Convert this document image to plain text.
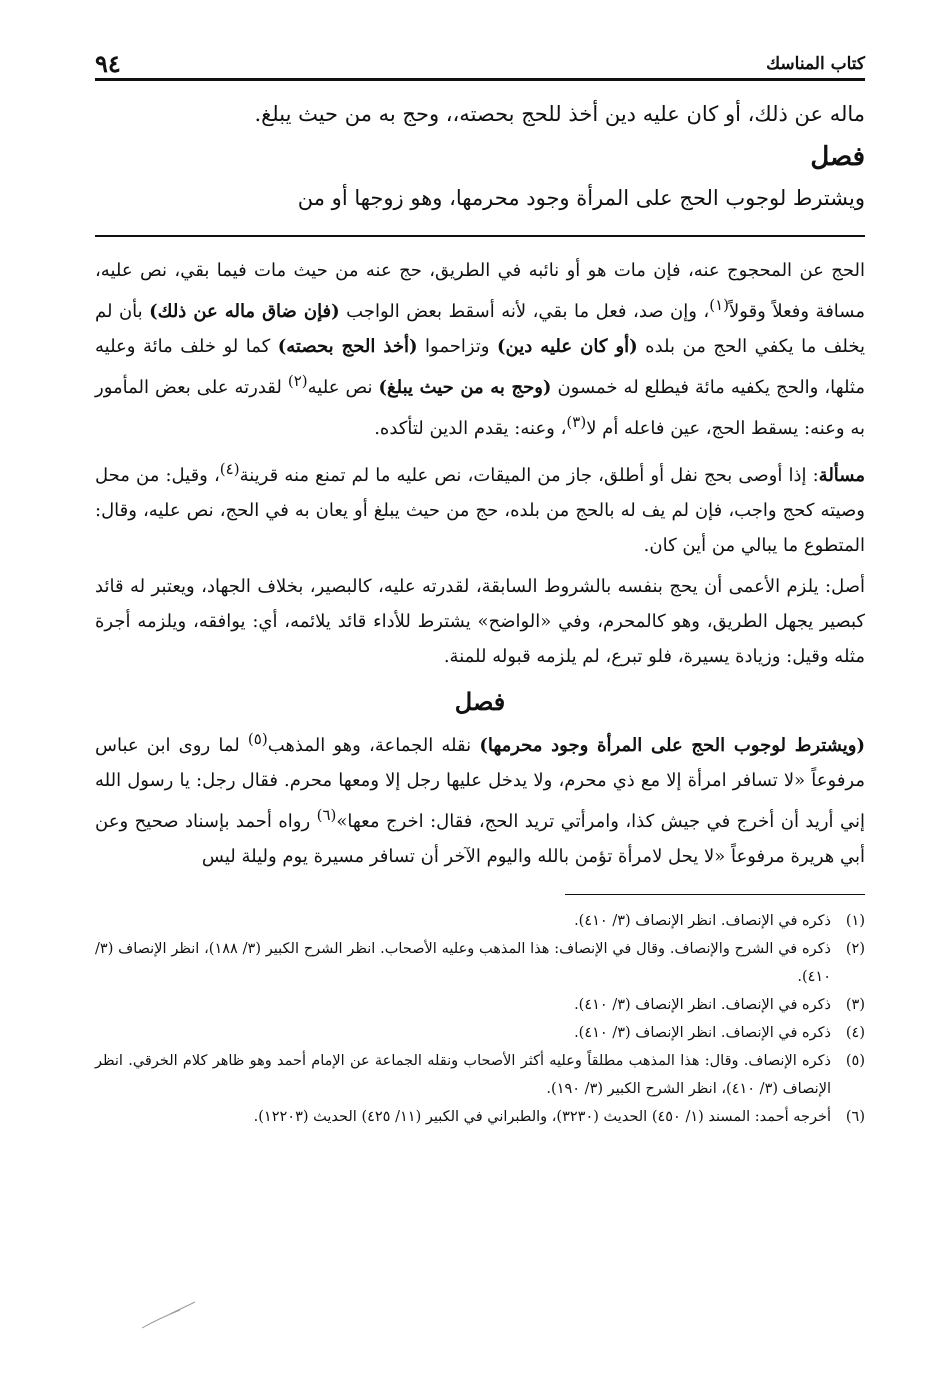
كتاب المناسك
٩٤
ماله عن ذلك، أو كان عليه دين أخذ للحج بحصته،، وحج به من حيث يبلغ.
فصل
ويشترط لوجوب الحج على المرأة وجود محرمها، وهو زوجها أو من

الحج عن المحجوج عنه، فإن مات هو أو نائبه في الطريق، حج عنه من حيث مات فيما بقي، نص عليه، مسافة وفعلاً وقولاً$^{(١)}$، وإن صد، فعل ما بقي، لأنه أسقط بعض الواجب (فإن ضاق ماله عن ذلك) بأن لم يخلف ما يكفي الحج من بلده (أو كان عليه دين) وتزاحموا (أخذ الحج بحصته) كما لو خلف مائة وعليه مثلها، والحج يكفيه مائة فيطلع له خمسون (وحج به من حيث يبلغ) نص عليه$^{(٢)}$ لقدرته على بعض المأمور به وعنه: يسقط الحج، عين فاعله أم لا$^{(٣)}$، وعنه: يقدم الدين لتأكده.

مسألة: إذا أوصى بحج نفل أو أطلق، جاز من الميقات، نص عليه ما لم تمنع منه قرينة$^{(٤)}$، وقيل: من محل وصيته كحج واجب، فإن لم يف له بالحج من بلده، حج من حيث يبلغ أو يعان به في الحج، نص عليه، وقال: المتطوع ما يبالي من أين كان.

أصل: يلزم الأعمى أن يحج بنفسه بالشروط السابقة، لقدرته عليه، كالبصير، بخلاف الجهاد، ويعتبر له قائد كبصير يجهل الطريق، وهو كالمحرم، وفي «الواضح» يشترط للأداء قائد يلائمه، أي: يوافقه، ويلزمه أجرة مثله وقيل: وزيادة يسيرة، فلو تبرع، لم يلزمه قبوله للمنة.

فصل

(ويشترط لوجوب الحج على المرأة وجود محرمها) نقله الجماعة، وهو المذهب$^{(٥)}$ لما روى ابن عباس مرفوعاً «لا تسافر امرأة إلا مع ذي محرم، ولا يدخل عليها رجل إلا ومعها محرم. فقال رجل: يا رسول الله إني أريد أن أخرج في جيش كذا، وامرأتي تريد الحج، فقال: اخرج معها»$^{(٦)}$ رواه أحمد بإسناد صحيح وعن أبي هريرة مرفوعاً «لا يحل لامرأة تؤمن بالله واليوم الآخر أن تسافر مسيرة يوم وليلة ليس

(١)
ذكره في الإنصاف. انظر الإنصاف (٣/ ٤١٠).
(٢)
ذكره في الشرح والإنصاف. وقال في الإنصاف: هذا المذهب وعليه الأصحاب. انظر الشرح الكبير (٣/ ١٨٨)، انظر الإنصاف (٣/ ٤١٠).
(٣)
ذكره في الإنصاف. انظر الإنصاف (٣/ ٤١٠).
(٤)
ذكره في الإنصاف. انظر الإنصاف (٣/ ٤١٠).
(٥)
ذكره الإنصاف. وقال: هذا المذهب مطلقاً وعليه أكثر الأصحاب ونقله الجماعة عن الإمام أحمد وهو ظاهر كلام الخرقي. انظر الإنصاف (٣/ ٤١٠)، انظر الشرح الكبير (٣/ ١٩٠).
(٦)
أخرجه أحمد: المسند (١/ ٤٥٠) الحديث (٣٢٣٠)، والطبراني في الكبير (١١/ ٤٢٥) الحديث (١٢٢٠٣).
